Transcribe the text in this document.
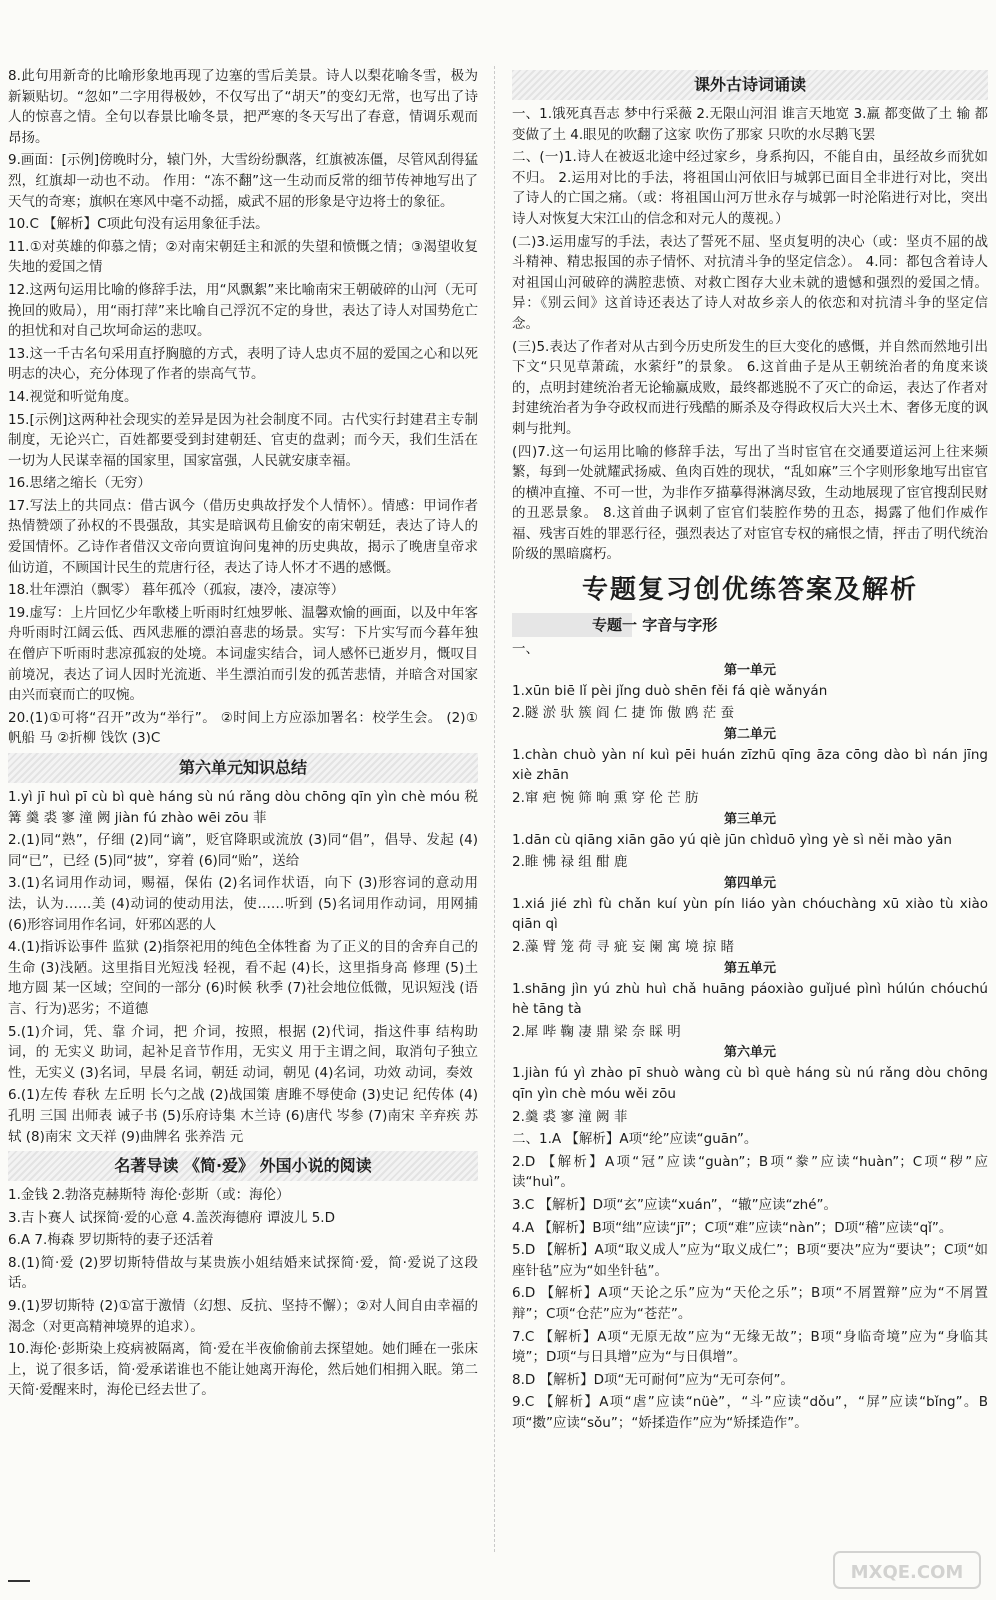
8.此句用新奇的比喻形象地再现了边塞的雪后美景。诗人以梨花喻冬雪，极为新颖贴切。“忽如”二字用得极妙，不仅写出了“胡天”的变幻无常，也写出了诗人的惊喜之情。全句以春景比喻冬景，把严寒的冬天写出了春意，情调乐观而昂扬。

9.画面：[示例]傍晚时分，辕门外，大雪纷纷飘落，红旗被冻僵，尽管风刮得猛烈，红旗却一动也不动。 作用：“冻不翻”这一生动而反常的细节传神地写出了天气的奇寒；旗帜在寒风中毫不动摇，威武不屈的形象是守边将士的象征。

10.C 【解析】C项此句没有运用象征手法。

11.①对英雄的仰慕之情；②对南宋朝廷主和派的失望和愤慨之情；③渴望收复失地的爱国之情

12.这两句运用比喻的修辞手法，用“风飘絮”来比喻南宋王朝破碎的山河（无可挽回的败局），用“雨打萍”来比喻自己浮沉不定的身世，表达了诗人对国势危亡的担忧和对自己坎坷命运的悲叹。

13.这一千古名句采用直抒胸臆的方式，表明了诗人忠贞不屈的爱国之心和以死明志的决心，充分体现了作者的崇高气节。

14.视觉和听觉角度。

15.[示例]这两种社会现实的差异是因为社会制度不同。古代实行封建君主专制制度，无论兴亡，百姓都要受到封建朝廷、官吏的盘剥；而今天，我们生活在一切为人民谋幸福的国家里，国家富强，人民就安康幸福。

16.思绪之缩长（无穷）

17.写法上的共同点：借古讽今（借历史典故抒发个人情怀）。情感：甲词作者热情赞颂了孙权的不畏强敌，其实是暗讽苟且偷安的南宋朝廷，表达了诗人的爱国情怀。乙诗作者借汉文帝向贾谊询问鬼神的历史典故，揭示了晚唐皇帝求仙访道，不顾国计民生的荒唐行径，表达了诗人怀才不遇的感慨。

18.壮年漂泊（飘零） 暮年孤冷（孤寂，凄冷，凄凉等）

19.虚写：上片回忆少年歌楼上听雨时红烛罗帐、温馨欢愉的画面，以及中年客舟听雨时江阔云低、西风悲雁的漂泊喜悲的场景。实写：下片实写而今暮年独在僧庐下听雨时悲凉孤寂的处境。本词虚实结合，词人感怀已逝岁月，慨叹目前境况，表达了词人因时光流逝、半生漂泊而引发的孤苦悲情，并暗含对国家由兴而衰而亡的叹惋。

20.(1)①可将“召开”改为“举行”。 ②时间上方应添加署名：校学生会。 (2)①帆船 马 ②折柳 饯饮 (3)C

第六单元知识总结

1.yì jī huì pī cù bì què háng sù nú rǎng dòu chōng qīn yìn chè móu 税 篝 羹 裘 寥 潼 阙 jiàn fú zhào wēi zōu 菲

2.(1)同“熟”，仔细 (2)同“谪”，贬官降职或流放 (3)同“倡”，倡导、发起 (4)同“已”，已经 (5)同“披”，穿着 (6)同“贻”，送给

3.(1)名词用作动词，赐福，保佑 (2)名词作状语，向下 (3)形容词的意动用法，认为……美 (4)动词的使动用法，使……听到 (5)名词用作动词，用网捕 (6)形容词用作名词，奸邪凶恶的人

4.(1)指诉讼事件 监狱 (2)指祭祀用的纯色全体牲畜 为了正义的目的舍弃自己的生命 (3)浅陋。这里指目光短浅 轻视，看不起 (4)长，这里指身高 修理 (5)土地方圆 某一区域；空间的一部分 (6)时候 秋季 (7)社会地位低微，见识短浅 (语言、行为)恶劣；不道德

5.(1)介词，凭、靠 介词，把 介词，按照，根据 (2)代词，指这件事 结构助词，的 无实义 助词，起补足音节作用，无实义 用于主谓之间，取消句子独立性，无实义 (3)名词，早晨 名词，朝廷 动词，朝见 (4)名词，功效 动词，奏效

6.(1)左传 春秋 左丘明 长勺之战 (2)战国策 唐雎不辱使命 (3)史记 纪传体 (4)孔明 三国 出师表 诫子书 (5)乐府诗集 木兰诗 (6)唐代 岑参 (7)南宋 辛弃疾 苏轼 (8)南宋 文天祥 (9)曲牌名 张养浩 元

名著导读 《简·爱》 外国小说的阅读

1.金钱 2.勃洛克赫斯特 海伦·彭斯（或：海伦）

3.吉卜赛人 试探简·爱的心意 4.盖茨海德府 谭波儿 5.D

6.A 7.梅森 罗切斯特的妻子还活着

8.(1)简·爱 (2)罗切斯特借故与某贵族小姐结婚来试探简·爱，简·爱说了这段话。

9.(1)罗切斯特 (2)①富于激情（幻想、反抗、坚持不懈）；②对人间自由幸福的渴念（对更高精神境界的追求）。

10.海伦·彭斯染上疫病被隔离，简·爱在半夜偷偷前去探望她。她们睡在一张床上，说了很多话，简·爱承诺谁也不能让她离开海伦，然后她们相拥入眠。第二天简·爱醒来时，海伦已经去世了。

课外古诗词诵读

一、1.饿死真吾志 梦中行采薇 2.无限山河泪 谁言天地宽 3.羸 都变做了土 输 都变做了土 4.眼见的吹翻了这家 吹伤了那家 只吹的水尽鹅飞罢

二、(一)1.诗人在被返北途中经过家乡，身系拘囚，不能自由，虽经故乡而犹如不归。 2.运用对比的手法，将祖国山河依旧与城郭已面目全非进行对比，突出了诗人的亡国之痛。（或：将祖国山河万世永存与城郭一时沦陷进行对比，突出诗人对恢复大宋江山的信念和对元人的蔑视。）

(二)3.运用虚写的手法，表达了誓死不屈、坚贞复明的决心（或：坚贞不屈的战斗精神、精忠报国的赤子情怀、对抗清斗争的坚定信念）。 4.同：都包含着诗人对祖国山河破碎的满腔悲愤、对救亡图存大业未就的遗憾和强烈的爱国之情。异：《别云间》这首诗还表达了诗人对故乡亲人的依恋和对抗清斗争的坚定信念。

(三)5.表达了作者对从古到今历史所发生的巨大变化的感慨，并自然而然地引出下文“只见草萧疏，水萦纡”的景象。 6.这首曲子是从王朝统治者的角度来谈的，点明封建统治者无论输赢成败，最终都逃脱不了灭亡的命运，表达了作者对封建统治者为争夺政权而进行残酷的厮杀及夺得政权后大兴土木、奢侈无度的讽刺与批判。

(四)7.这一句运用比喻的修辞手法，写出了当时宦官在交通要道运河上往来频繁，每到一处就耀武扬威、鱼肉百姓的现状，“乱如麻”三个字则形象地写出宦官的横冲直撞、不可一世，为非作歹描摹得淋漓尽致，生动地展现了宦官搜刮民财的丑恶景象。 8.这首曲子讽刺了宦官们装腔作势的丑态，揭露了他们作威作福、残害百姓的罪恶行径，强烈表达了对宦官专权的痛恨之情，抨击了明代统治阶级的黑暗腐朽。

专题复习创优练答案及解析
专题一 字音与字形

一、

第一单元

1.xūn biē lǐ pèi jǐng duò shēn fěi fá qiè wǎnyán

2.隧 淤 驮 簇 阎 仁 捷 饰 傲 鸥 茫 蚕

第二单元

1.chàn chuò yàn ní kuì pēi huán zīzhū qīng āza cōng dào bì nán jīng xiè zhān

2.窜 疤 惋 筛 晌 熏 穿 伦 芒 肪

第三单元

1.dān cù qiāng xiān gāo yú qiè jūn chìduō yìng yè sì něi mào yān

2.睢 怫 禄 组 酣 鹿

第四单元

1.xiá jié zhì fù chǎn kuí yùn pín liáo yàn chóuchàng xū xiào tù xiào qiān qì

2.藻 臂 笼 荷 寻 疵 妄 阑 寓 境 掠 睹

第五单元

1.shāng jìn yú zhù huì chǎ huāng páoxiào guǐjué pìnì húlún chóuchú hè tāng tà

2.犀 哔 鞠 凄 鼎 梁 奈 睬 明

第六单元

1.jiàn fú yì zhào pī shuò wàng cù bì què háng sù nú rǎng dòu chōng qīn yìn chè móu wěi zōu

2.羹 裘 寥 潼 阙 菲

二、1.A 【解析】A项“纶”应读“guān”。

2.D 【解析】A项“冠”应读“guàn”；B项“豢”应读“huàn”；C项“秽”应读“huì”。

3.C 【解析】D项“玄”应读“xuán”，“辙”应读“zhé”。

4.A 【解析】B项“绌”应读“jī”；C项“难”应读“nàn”；D项“稽”应读“qǐ”。

5.D 【解析】A项“取义成人”应为“取义成仁”；B项“要决”应为“要诀”；C项“如座针毡”应为“如坐针毡”。

6.D 【解析】A项“天论之乐”应为“天伦之乐”；B项“不屑置辩”应为“不屑置辩”；C项“仓茫”应为“苍茫”。

7.C 【解析】A项“无原无故”应为“无缘无故”；B项“身临奇境”应为“身临其境”；D项“与日具增”应为“与日俱增”。

8.D 【解析】D项“无可耐何”应为“无可奈何”。

9.C 【解析】A项“虐”应读“nüè”，“斗”应读“dǒu”，“屏”应读“bǐng”。B项“擞”应读“sǒu”；“娇揉造作”应为“矫揉造作”。

MXQE.COM
